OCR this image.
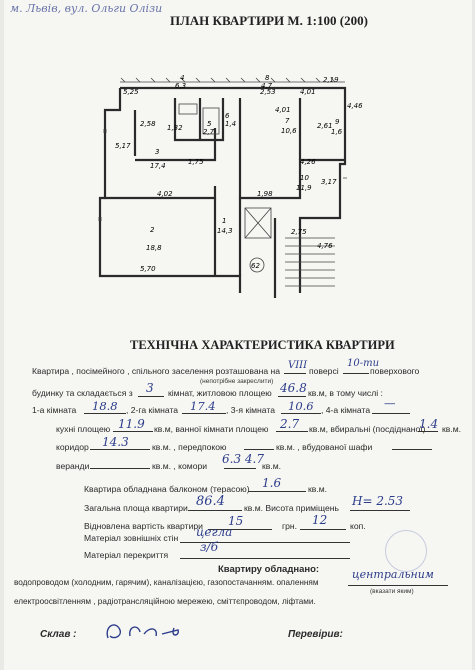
м. Львів, вул. Ольги Олізи
ПЛАН КВАРТИРИ М. 1:100 (200)
62
1
14,3
2
18,8
3
17,4
4
6,3
5
2,7
6
1,4	7
10,6
8
4,7
9
1,6
10
11,9
5,25	2,53	4,01
2,19
4,46
4,01
2,61
2,58 1,32
5,17
1,75	4,26
3,17
4,02	1,98
5,70
2,75
4,76
ТЕХНІЧНА ХАРАКТЕРИСТИКА КВАРТИРИ
Квартира , посімейного , спільного заселення розташована на VIII поверсі
10-ти
поверхового
(непотрібне закреслити)
будинку та складається з 3 кімнат, житловою площею 46.8 кв.м, в тому числі :
1-а кімната 18.8 , 2-га кімната 17.4 , 3-я кімната 10.6 , 4-а кімната —
кухні площею 11.9 кв.м, ванної кімнати площею 2.7 кв.м, вбиральні (посдіднаної)
1.4 кв.м.
коридор 14.3	кв.м. , передпокою	кв.м. , вбудованої шафи
веранди	кв.м. , комори 6.3 4.7
кв.м.
Квартира обладнана балконом (терасою) 1.6	кв.м.
Загальна площа квартири 86.4 кв.м. Висота приміщень Н= 2.53
Відновлена вартість квартири 15	грн. 12	коп.
Матеріал зовнішніх стін цегла
Матеріал перекриття
з/б
Квартиру обладнано:
водопроводом (холодним, гарячим), каналізацією, газопостачанням. опаленням
центральним
(вказати яким)
електроосвітленням , радіотрансляційною мережею, сміттєпроводом, ліфтами.
Склав :	Перевірив:
